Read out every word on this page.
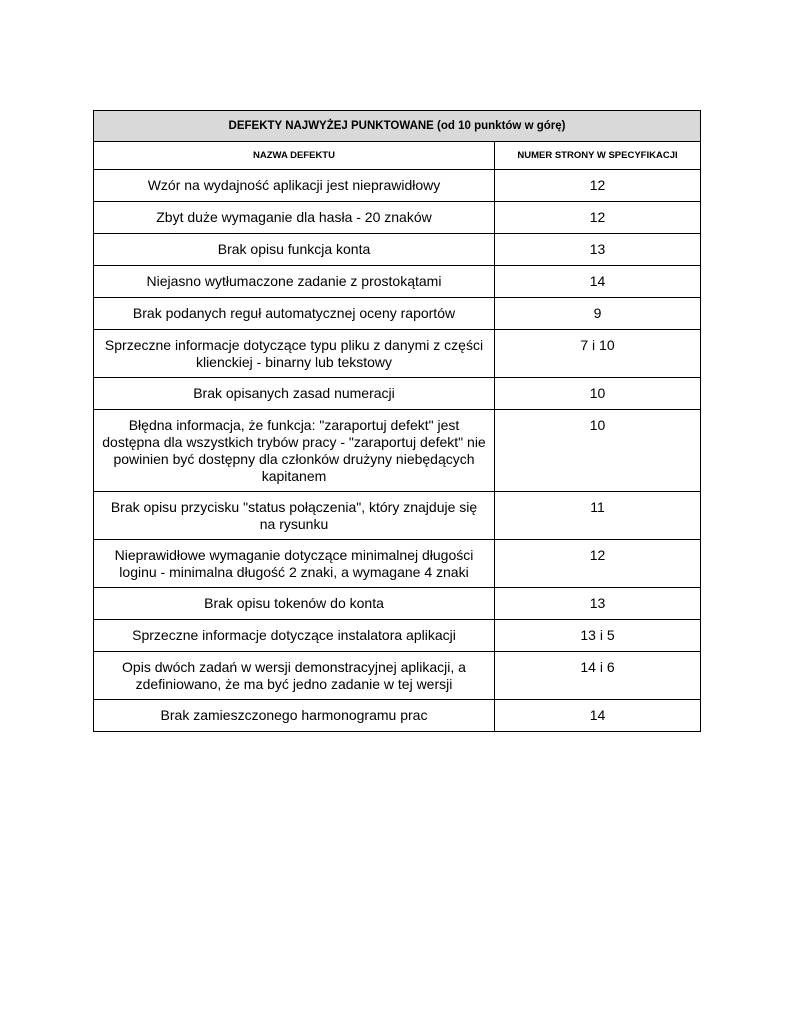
DEFEKTY NAJWYŻEJ PUNKTOWANE (od 10 punktów w górę)	
NAZWA DEFEKTU	NUMER STRONY W SPECYFIKACJI
Wzór na wydajność aplikacji jest nieprawidłowy	12
Zbyt duże wymaganie dla hasła - 20 znaków	12
Brak opisu funkcja konta	13
Niejasno wytłumaczone zadanie z prostokątami	14
Brak podanych reguł automatycznej oceny raportów	9
Sprzeczne informacje dotyczące typu pliku z danymi z części klienckiej - binarny lub tekstowy	7 i 10
Brak opisanych zasad numeracji	10
Błędna informacja, że funkcja: "zaraportuj defekt" jest dostępna dla wszystkich trybów pracy - "zaraportuj defekt" nie powinien być dostępny dla członków drużyny niebędących kapitanem	10
Brak opisu przycisku "status połączenia", który znajduje się na rysunku	11
Nieprawidłowe wymaganie dotyczące minimalnej długości loginu - minimalna długość 2 znaki, a wymagane 4 znaki	12
Brak opisu tokenów do konta	13
Sprzeczne informacje dotyczące instalatora aplikacji	13 i 5
Opis dwóch zadań w wersji demonstracyjnej aplikacji, a zdefiniowano, że ma być jedno zadanie w tej wersji	14 i 6
Brak zamieszczonego harmonogramu prac	14
